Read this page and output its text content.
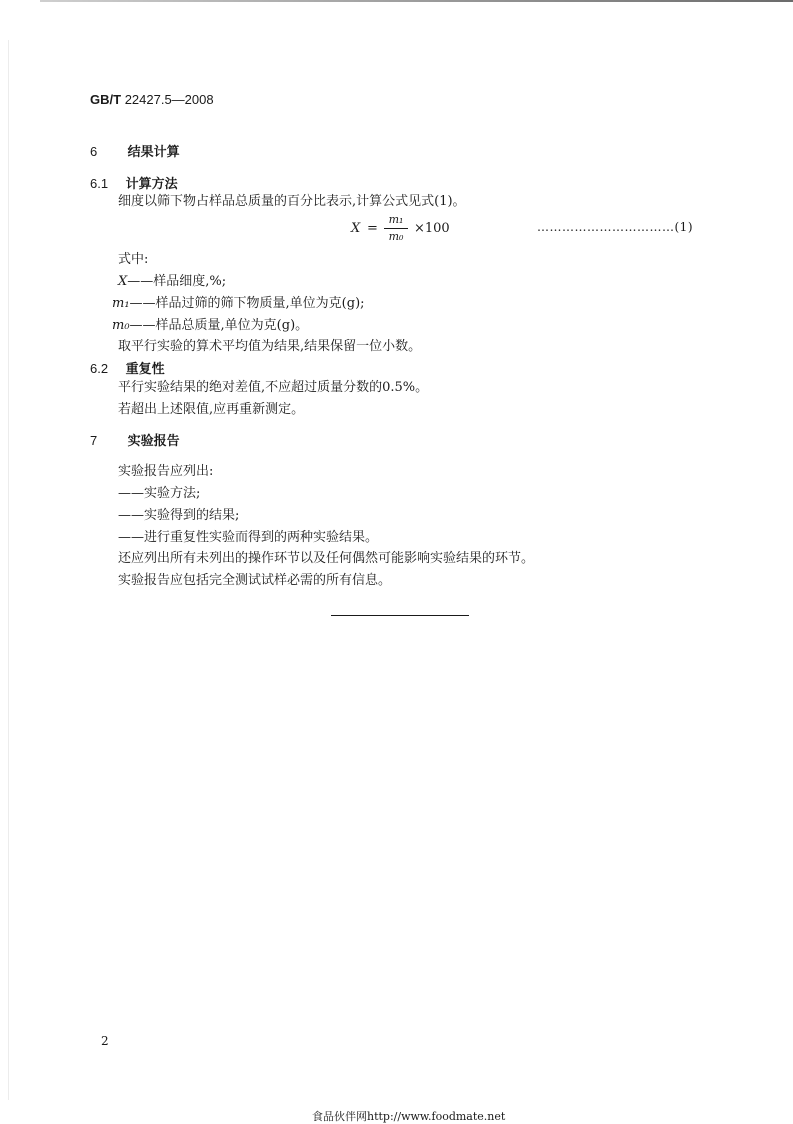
GB/T 22427.5—2008
6 结果计算
6.1 计算方法
细度以筛下物占样品总质量的百分比表示,计算公式见式(1)。
X =
m₁
m₀
×100	……………………………(1)
式中:
X——样品细度,%;
m₁——样品过筛的筛下物质量,单位为克(g);
m₀——样品总质量,单位为克(g)。
取平行实验的算术平均值为结果,结果保留一位小数。
6.2 重复性
平行实验结果的绝对差值,不应超过质量分数的0.5%。
若超出上述限值,应再重新测定。
7 实验报告
实验报告应列出:
——实验方法;
——实验得到的结果;
——进行重复性实验而得到的两种实验结果。
还应列出所有未列出的操作环节以及任何偶然可能影响实验结果的环节。
实验报告应包括完全测试试样必需的所有信息。
2
食品伙伴网http://www.foodmate.net
